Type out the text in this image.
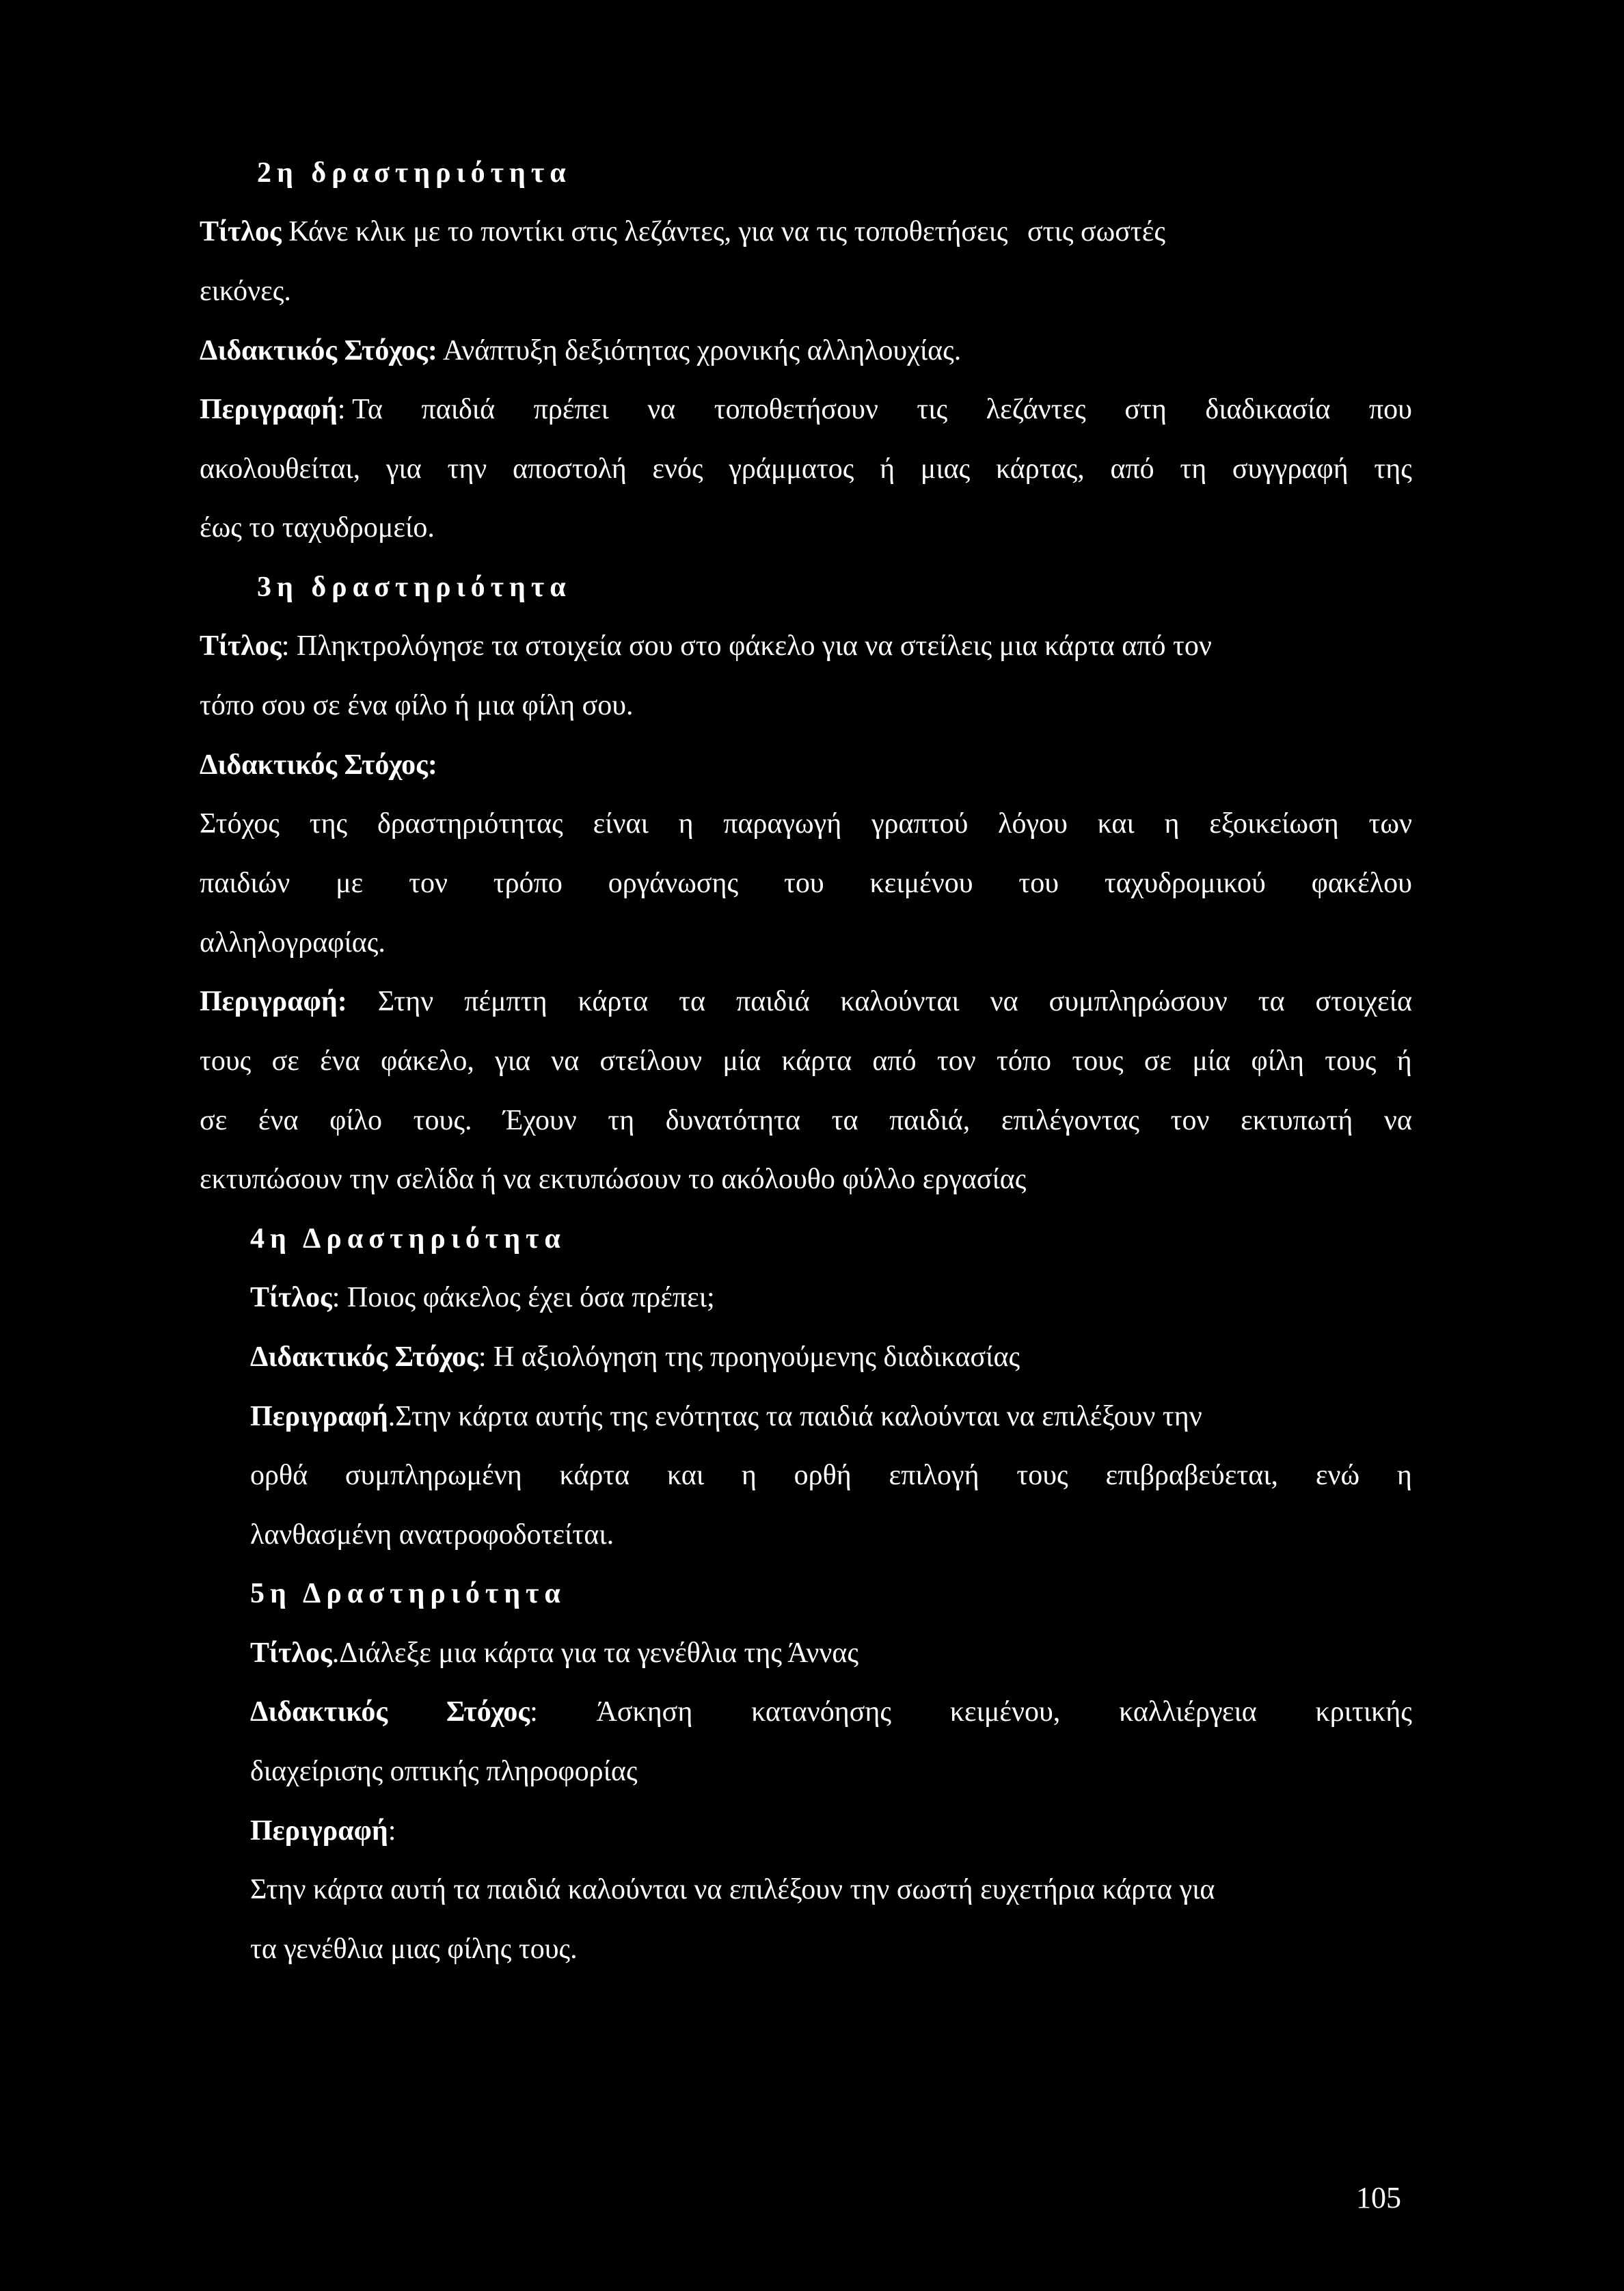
2η δραστηριότητα
Τίτλος Κάνε κλικ με το ποντίκι στις λεζάντες, για να τις τοποθετήσεις στις σωστές
εικόνες.
Διδακτικός Στόχος: Ανάπτυξη δεξιότητας χρονικής αλληλουχίας.
Περιγραφή: Τα παιδιά πρέπει να τοποθετήσουν τις λεζάντες στη διαδικασία που
ακολουθείται, για την αποστολή ενός γράμματος ή μιας κάρτας, από τη συγγραφή της
έως το ταχυδρομείο.
3η δραστηριότητα
Τίτλος: Πληκτρολόγησε τα στοιχεία σου στο φάκελο για να στείλεις μια κάρτα από τον
τόπο σου σε ένα φίλο ή μια φίλη σου.
Διδακτικός Στόχος:
Στόχος της δραστηριότητας είναι η παραγωγή γραπτού λόγου και η εξοικείωση των
παιδιών με τον τρόπο οργάνωσης του κειμένου του ταχυδρομικού φακέλου
αλληλογραφίας.
Περιγραφή: Στην πέμπτη κάρτα τα παιδιά καλούνται να συμπληρώσουν τα στοιχεία
τους σε ένα φάκελο, για να στείλουν μία κάρτα από τον τόπο τους σε μία φίλη τους ή
σε ένα φίλο τους. Έχουν τη δυνατότητα τα παιδιά, επιλέγοντας τον εκτυπωτή να
εκτυπώσουν την σελίδα ή να εκτυπώσουν το ακόλουθο φύλλο εργασίας
4η Δραστηριότητα
Τίτλος: Ποιος φάκελος έχει όσα πρέπει;
Διδακτικός Στόχος: Η αξιολόγηση της προηγούμενης διαδικασίας
Περιγραφή.Στην κάρτα αυτής της ενότητας τα παιδιά καλούνται να επιλέξουν την
ορθά συμπληρωμένη κάρτα και η ορθή επιλογή τους επιβραβεύεται, ενώ η
λανθασμένη ανατροφοδοτείται.
5η Δραστηριότητα
Τίτλος.Διάλεξε μια κάρτα για τα γενέθλια της Άννας
Διδακτικός Στόχος: Άσκηση κατανόησης κειμένου, καλλιέργεια κριτικής
διαχείρισης οπτικής πληροφορίας
Περιγραφή:
Στην κάρτα αυτή τα παιδιά καλούνται να επιλέξουν την σωστή ευχετήρια κάρτα για
τα γενέθλια μιας φίλης τους.
105
